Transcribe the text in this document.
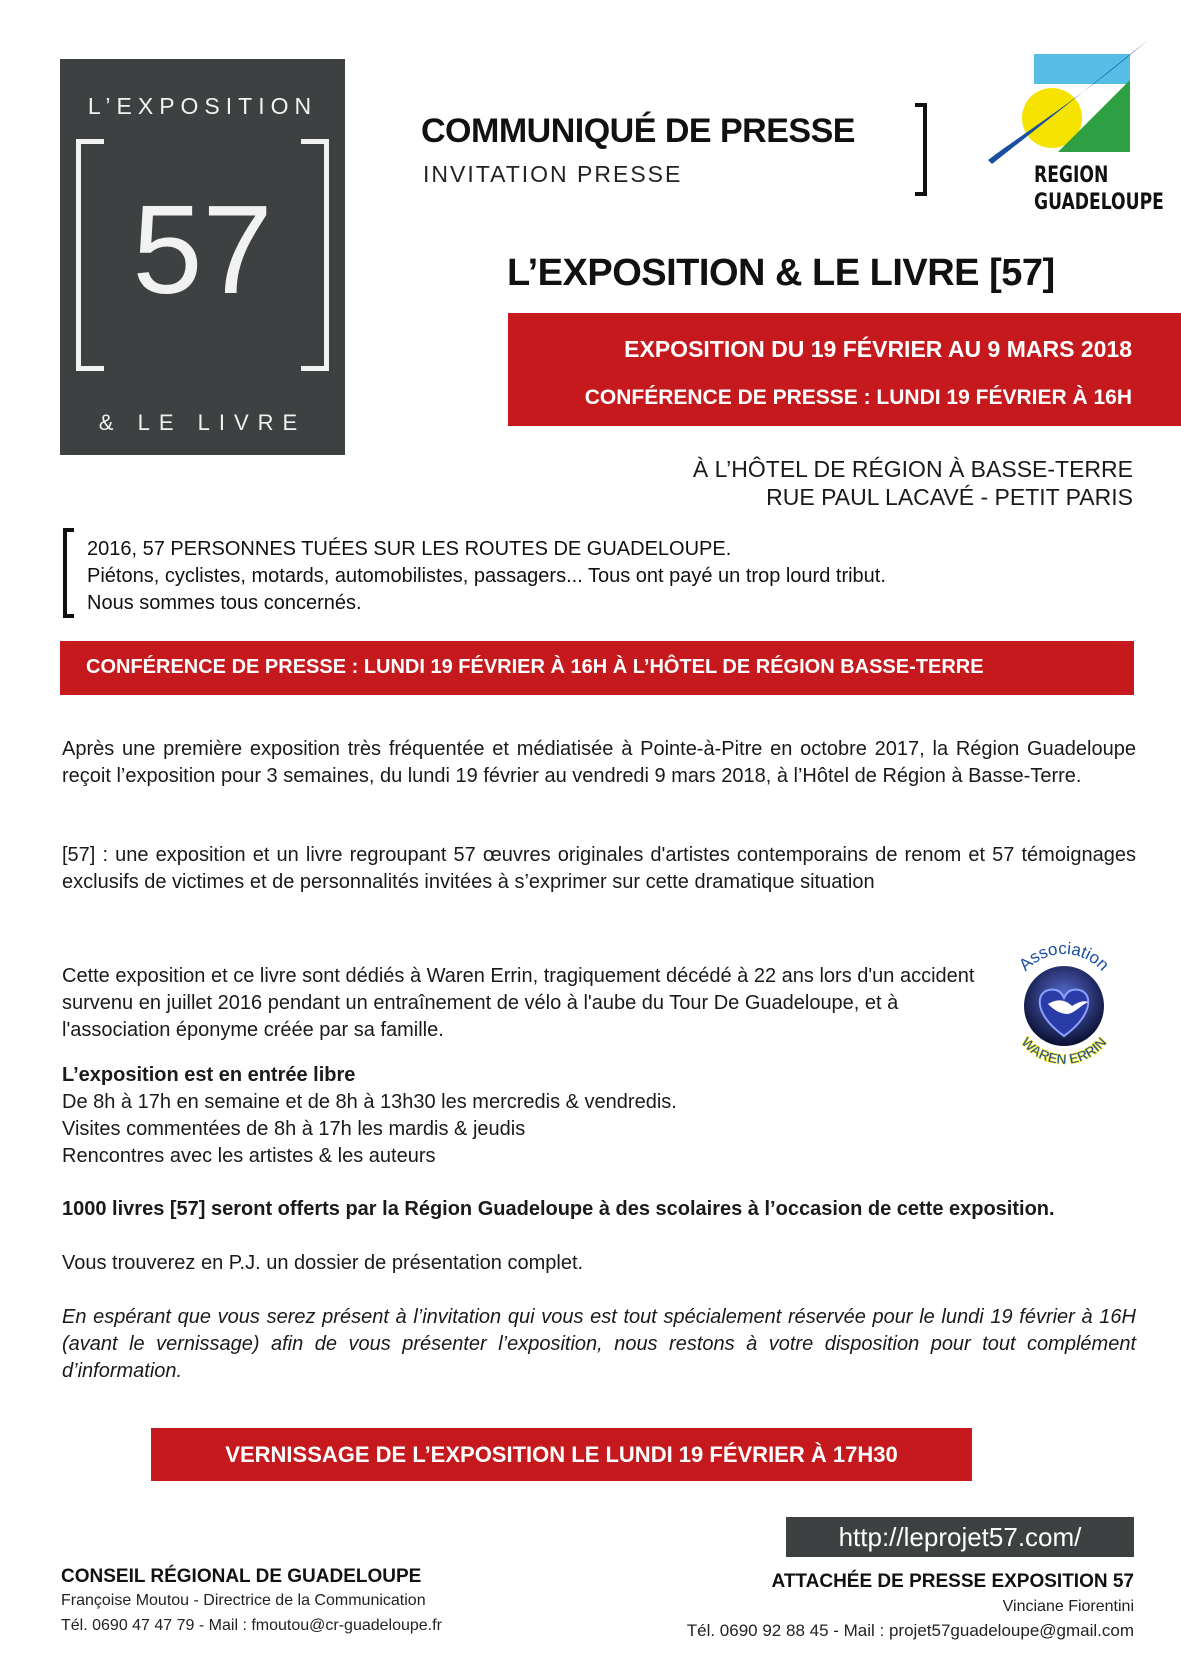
L’EXPOSITION
57
& LE LIVRE
COMMUNIQUÉ DE PRESSE
INVITATION PRESSE	REGION
GUADELOUPE
L’EXPOSITION & LE LIVRE [57]
EXPOSITION DU 19 FÉVRIER AU 9 MARS 2018
CONFÉRENCE DE PRESSE : LUNDI 19 FÉVRIER À 16H
À L’HÔTEL DE RÉGION À BASSE-TERRE
RUE PAUL LACAVÉ - PETIT PARIS
2016, 57 PERSONNES TUÉES SUR LES ROUTES DE GUADELOUPE.
Piétons, cyclistes, motards, automobilistes, passagers... Tous ont payé un trop lourd tribut.
Nous sommes tous concernés.
CONFÉRENCE DE PRESSE : LUNDI 19 FÉVRIER À 16H À L’HÔTEL DE RÉGION BASSE-TERRE
Après une première exposition très fréquentée et médiatisée à Pointe-à-Pitre en octobre 2017, la Région Guadeloupe reçoit l’exposition pour 3 semaines, du lundi 19 février au vendredi 9 mars 2018, à l’Hôtel de Région à Basse-Terre.
[57] : une exposition et un livre regroupant 57 œuvres originales d'artistes contemporains de renom et 57 témoignages exclusifs de victimes et de personnalités invitées à s’exprimer sur cette dramatique situation
Cette exposition et ce livre sont dédiés à Waren Errin, tragiquement décédé à 22 ans lors d'un accident survenu en juillet 2016 pendant un entraînement de vélo à l'aube du Tour De Guadeloupe, et à l'association éponyme créée par sa famille.
Association
WAREN ERRIN
L’exposition est en entrée libre
De 8h à 17h en semaine et de 8h à 13h30 les mercredis & vendredis.
Visites commentées de 8h à 17h les mardis & jeudis
Rencontres avec les artistes & les auteurs
1000 livres [57] seront offerts par la Région Guadeloupe à des scolaires à l’occasion de cette exposition.
Vous trouverez en P.J. un dossier de présentation complet.
En espérant que vous serez présent à l’invitation qui vous est tout spécialement réservée pour le lundi 19 février à 16H (avant le vernissage) afin de vous présenter l’exposition, nous restons à votre disposition pour tout complément d’information.
VERNISSAGE DE L’EXPOSITION LE LUNDI 19 FÉVRIER À 17H30
http://leprojet57.com/
CONSEIL RÉGIONAL DE GUADELOUPE
Françoise Moutou - Directrice de la Communication
Tél. 0690 47 47 79 - Mail : fmoutou@cr-guadeloupe.fr
ATTACHÉE DE PRESSE EXPOSITION 57
Vinciane Fiorentini
Tél. 0690 92 88 45 - Mail : projet57guadeloupe@gmail.com
